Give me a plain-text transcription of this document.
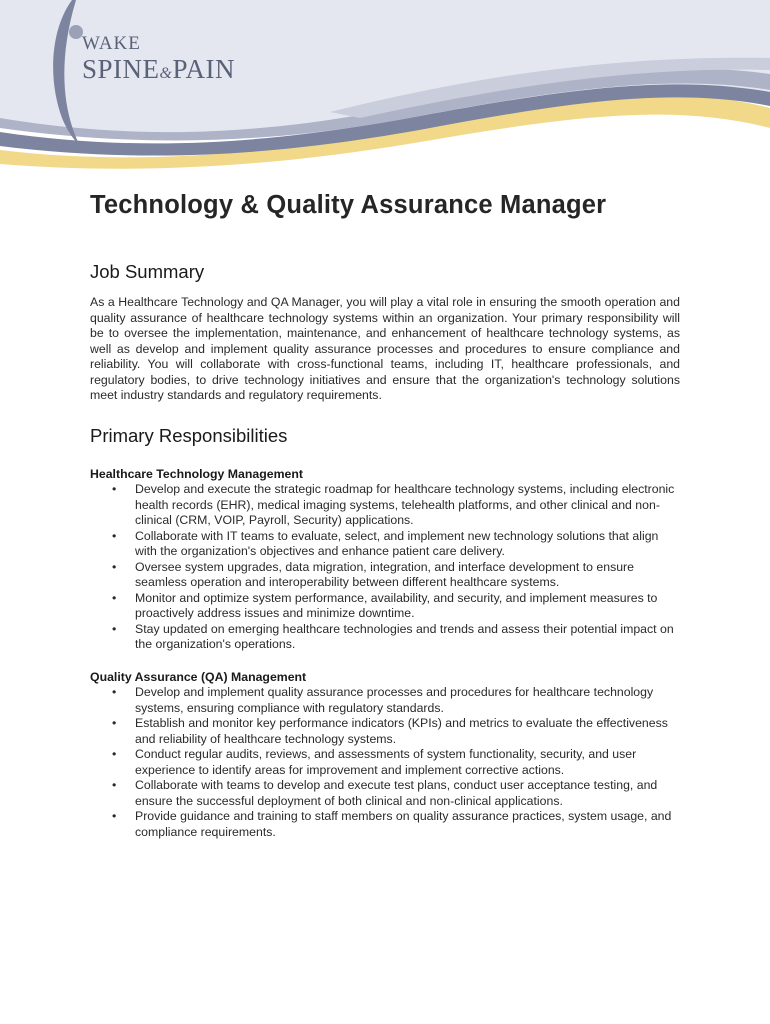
WAKE
SPINE&PAIN
Technology & Quality Assurance Manager
Job Summary

As a Healthcare Technology and QA Manager, you will play a vital role in ensuring the smooth operation and quality assurance of healthcare technology systems within an organization. Your primary responsibility will be to oversee the implementation, maintenance, and enhancement of healthcare technology systems, as well as develop and implement quality assurance processes and procedures to ensure compliance and reliability. You will collaborate with cross-functional teams, including IT, healthcare professionals, and regulatory bodies, to drive technology initiatives and ensure that the organization's technology solutions meet industry standards and regulatory requirements.

Primary Responsibilities
Healthcare Technology Management
• Develop and execute the strategic roadmap for healthcare technology systems, including electronic health records (EHR), medical imaging systems, telehealth platforms, and other clinical and non-clinical (CRM, VOIP, Payroll, Security) applications.
• Collaborate with IT teams to evaluate, select, and implement new technology solutions that align with the organization's objectives and enhance patient care delivery.
• Oversee system upgrades, data migration, integration, and interface development to ensure seamless operation and interoperability between different healthcare systems.
• Monitor and optimize system performance, availability, and security, and implement measures to proactively address issues and minimize downtime.
• Stay updated on emerging healthcare technologies and trends and assess their potential impact on the organization's operations.
Quality Assurance (QA) Management
• Develop and implement quality assurance processes and procedures for healthcare technology systems, ensuring compliance with regulatory standards.
• Establish and monitor key performance indicators (KPIs) and metrics to evaluate the effectiveness and reliability of healthcare technology systems.
• Conduct regular audits, reviews, and assessments of system functionality, security, and user experience to identify areas for improvement and implement corrective actions.
• Collaborate with teams to develop and execute test plans, conduct user acceptance testing, and ensure the successful deployment of both clinical and non-clinical applications.
• Provide guidance and training to staff members on quality assurance practices, system usage, and compliance requirements.
